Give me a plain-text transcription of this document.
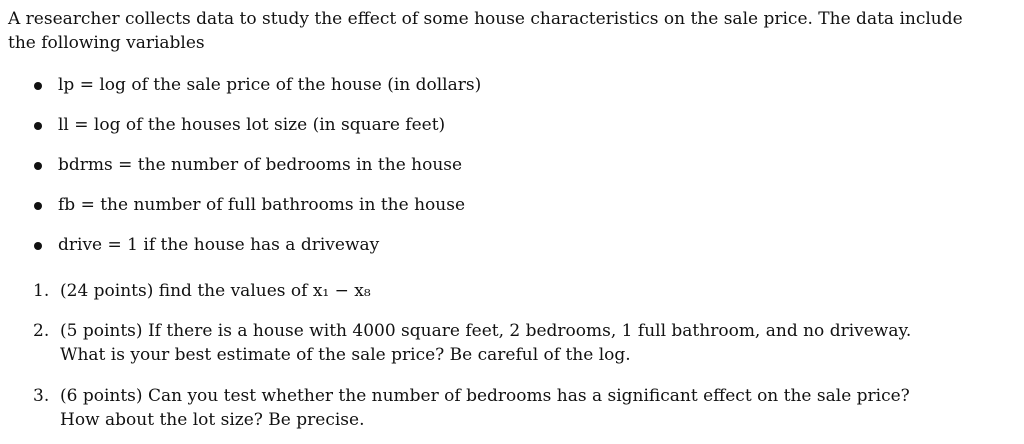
A researcher collects data to study the effect of some house characteristics on the sale price. The data include
the following variables
lp = log of the sale price of the house (in dollars)
ll = log of the houses lot size (in square feet)
bdrms = the number of bedrooms in the house
fb = the number of full bathrooms in the house
drive = 1 if the house has a driveway
1. (24 points) find the values of x₁ − x₈
2. (5 points) If there is a house with 4000 square feet, 2 bedrooms, 1 full bathroom, and no driveway.
What is your best estimate of the sale price? Be careful of the log.
3. (6 points) Can you test whether the number of bedrooms has a significant effect on the sale price?
How about the lot size? Be precise.
